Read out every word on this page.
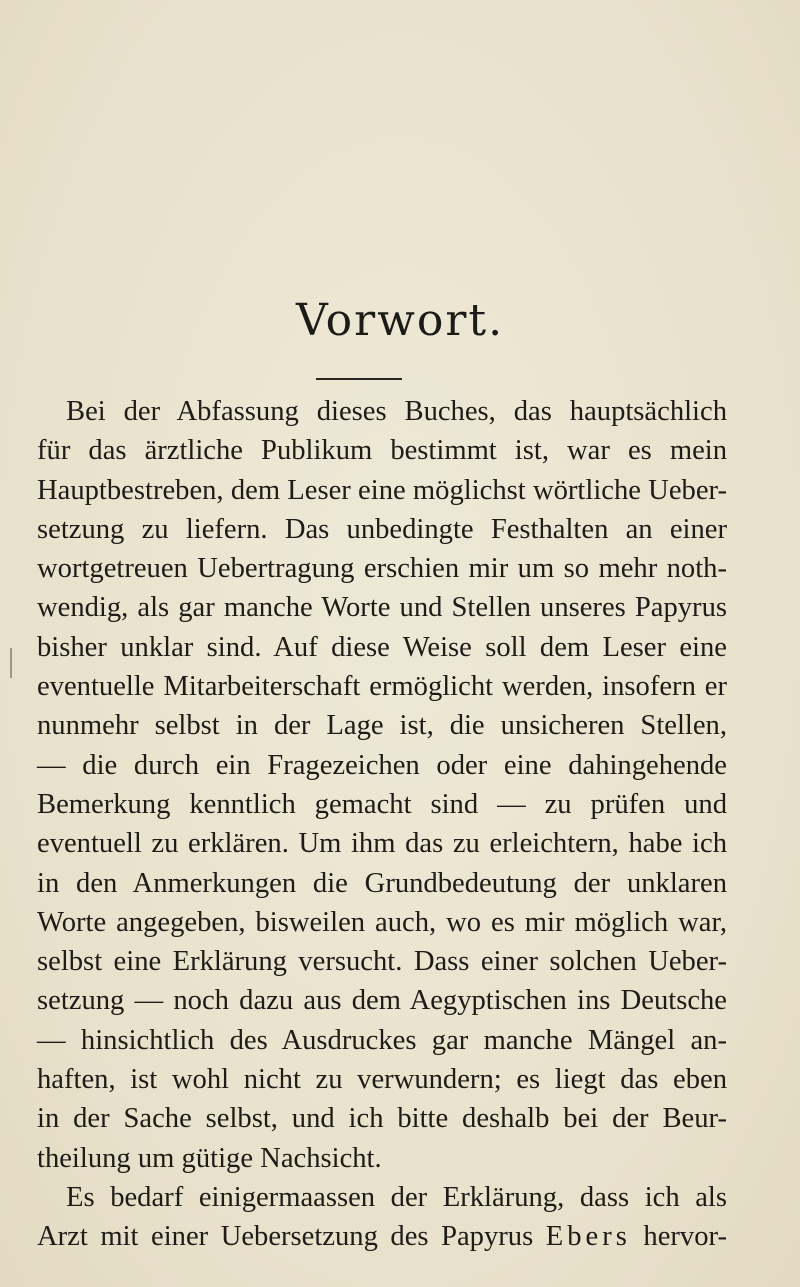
Vorwort.
Bei der Abfassung dieses Buches, das hauptsächlich
für das ärztliche Publikum bestimmt ist, war es mein
Hauptbestreben, dem Leser eine möglichst wörtliche Ueber-
setzung zu liefern. Das unbedingte Festhalten an einer
wortgetreuen Uebertragung erschien mir um so mehr noth-
wendig, als gar manche Worte und Stellen unseres Papyrus
bisher unklar sind. Auf diese Weise soll dem Leser eine
eventuelle Mitarbeiterschaft ermöglicht werden, insofern er
nunmehr selbst in der Lage ist, die unsicheren Stellen,
— die durch ein Fragezeichen oder eine dahingehende
Bemerkung kenntlich gemacht sind — zu prüfen und
eventuell zu erklären. Um ihm das zu erleichtern, habe ich
in den Anmerkungen die Grundbedeutung der unklaren
Worte angegeben, bisweilen auch, wo es mir möglich war,
selbst eine Erklärung versucht. Dass einer solchen Ueber-
setzung — noch dazu aus dem Aegyptischen ins Deutsche
— hinsichtlich des Ausdruckes gar manche Mängel an-
haften, ist wohl nicht zu verwundern; es liegt das eben
in der Sache selbst, und ich bitte deshalb bei der Beur-
theilung um gütige Nachsicht.
Es bedarf einigermaassen der Erklärung, dass ich als
Arzt mit einer Uebersetzung des Papyrus Ebers hervor-
